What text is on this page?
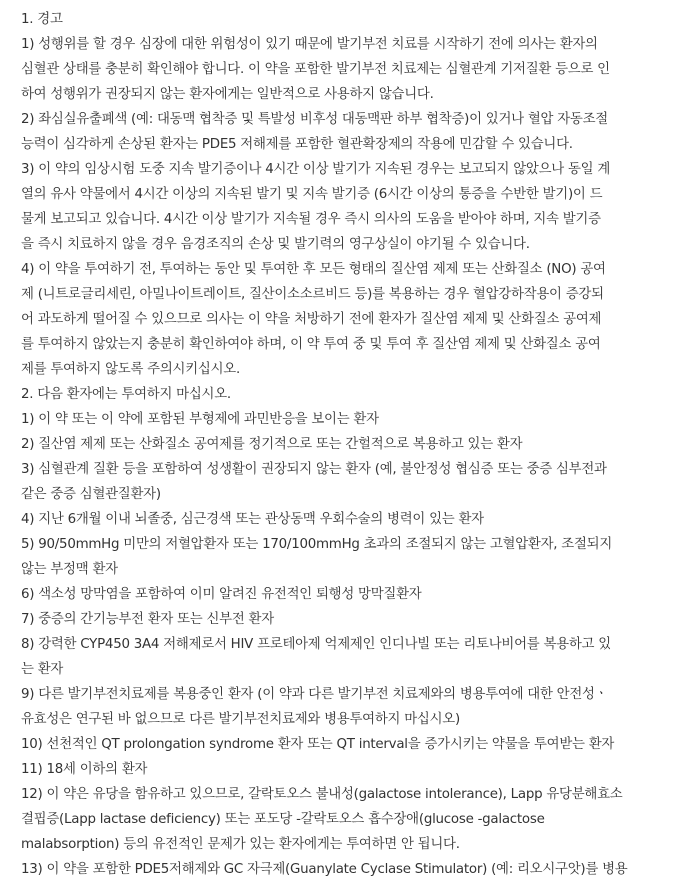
1. 경고
1) 성행위를 할 경우 심장에 대한 위험성이 있기 때문에 발기부전 치료를 시작하기 전에 의사는 환자의
심혈관 상태를 충분히 확인해야 합니다. 이 약을 포함한 발기부전 치료제는 심혈관계 기저질환 등으로 인
하여 성행위가 권장되지 않는 환자에게는 일반적으로 사용하지 않습니다.
2) 좌심실유출폐색 (예: 대동맥 협착증 및 특발성 비후성 대동맥판 하부 협착증)이 있거나 혈압 자동조절
능력이 심각하게 손상된 환자는 PDE5 저해제를 포함한 혈관확장제의 작용에 민감할 수 있습니다.
3) 이 약의 임상시험 도중 지속 발기증이나 4시간 이상 발기가 지속된 경우는 보고되지 않았으나 동일 계
열의 유사 약물에서 4시간 이상의 지속된 발기 및 지속 발기증 (6시간 이상의 통증을 수반한 발기)이 드
물게 보고되고 있습니다. 4시간 이상 발기가 지속될 경우 즉시 의사의 도움을 받아야 하며, 지속 발기증
을 즉시 치료하지 않을 경우 음경조직의 손상 및 발기력의 영구상실이 야기될 수 있습니다.
4) 이 약을 투여하기 전, 투여하는 동안 및 투여한 후 모든 형태의 질산염 제제 또는 산화질소 (NO) 공여
제 (니트로글리세린, 아밀나이트레이트, 질산이소소르비드 등)를 복용하는 경우 혈압강하작용이 증강되
어 과도하게 떨어질 수 있으므로 의사는 이 약을 처방하기 전에 환자가 질산염 제제 및 산화질소 공여제
를 투여하지 않았는지 충분히 확인하여야 하며, 이 약 투여 중 및 투여 후 질산염 제제 및 산화질소 공여
제를 투여하지 않도록 주의시키십시오.
2. 다음 환자에는 투여하지 마십시오.
1) 이 약 또는 이 약에 포함된 부형제에 과민반응을 보이는 환자
2) 질산염 제제 또는 산화질소 공여제를 정기적으로 또는 간헐적으로 복용하고 있는 환자
3) 심혈관계 질환 등을 포함하여 성생활이 권장되지 않는 환자 (예, 불안정성 협심증 또는 중증 심부전과
같은 중증 심혈관질환자)
4) 지난 6개월 이내 뇌졸중, 심근경색 또는 관상동맥 우회수술의 병력이 있는 환자
5) 90/50mmHg 미만의 저혈압환자 또는 170/100mmHg 초과의 조절되지 않는 고혈압환자, 조절되지
않는 부정맥 환자
6) 색소성 망막염을 포함하여 이미 알려진 유전적인 퇴행성 망막질환자
7) 중증의 간기능부전 환자 또는 신부전 환자
8) 강력한 CYP450 3A4 저해제로서 HIV 프로테아제 억제제인 인디나빌 또는 리토나비어를 복용하고 있
는 환자
9) 다른 발기부전치료제를 복용중인 환자 (이 약과 다른 발기부전 치료제와의 병용투여에 대한 안전성ㆍ
유효성은 연구된 바 없으므로 다른 발기부전치료제와 병용투여하지 마십시오)
10) 선천적인 QT prolongation syndrome 환자 또는 QT interval을 증가시키는 약물을 투여받는 환자
11) 18세 이하의 환자
12) 이 약은 유당을 함유하고 있으므로, 갈락토오스 불내성(galactose intolerance), Lapp 유당분해효소
결핍증(Lapp lactase deficiency) 또는 포도당 -갈락토오스 흡수장애(glucose -galactose
malabsorption) 등의 유전적인 문제가 있는 환자에게는 투여하면 안 됩니다.
13) 이 약을 포함한 PDE5저해제와 GC 자극제(Guanylate Cyclase Stimulator) (예: 리오시구앗)를 병용
